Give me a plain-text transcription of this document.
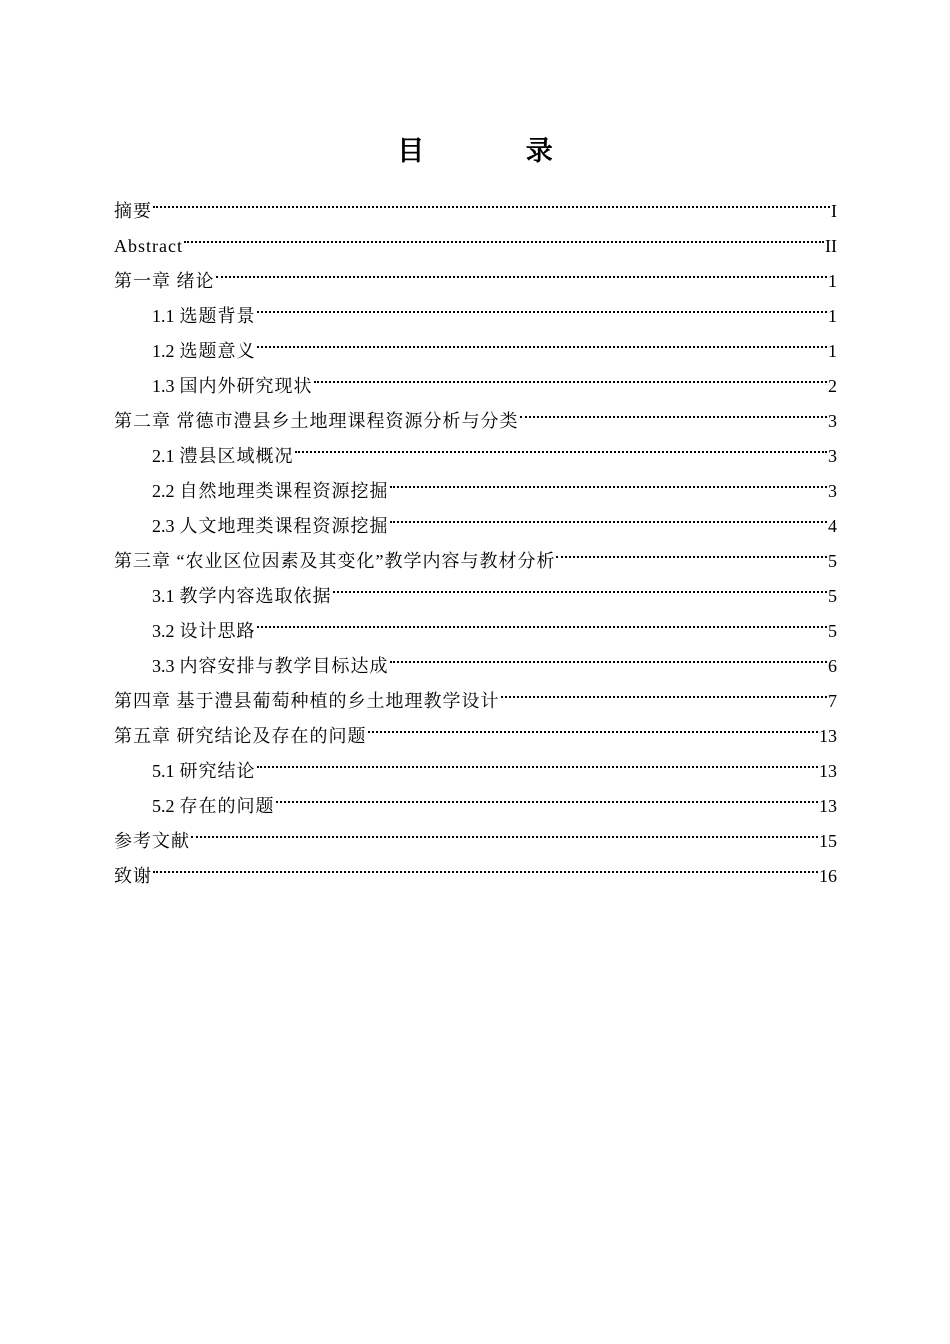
目 录
摘要	I
Abstract	II
第一章 绪论	1
1.1 选题背景	1
1.2 选题意义	1
1.3 国内外研究现状	2
第二章 常德市澧县乡土地理课程资源分析与分类	3
2.1 澧县区域概况	3
2.2 自然地理类课程资源挖掘	3
2.3 人文地理类课程资源挖掘	4
第三章 “农业区位因素及其变化”教学内容与教材分析	5
3.1 教学内容选取依据	5
3.2 设计思路	5
3.3 内容安排与教学目标达成	6
第四章 基于澧县葡萄种植的乡土地理教学设计	7
第五章 研究结论及存在的问题	13
5.1 研究结论	13
5.2 存在的问题	13
参考文献	15
致谢	16
